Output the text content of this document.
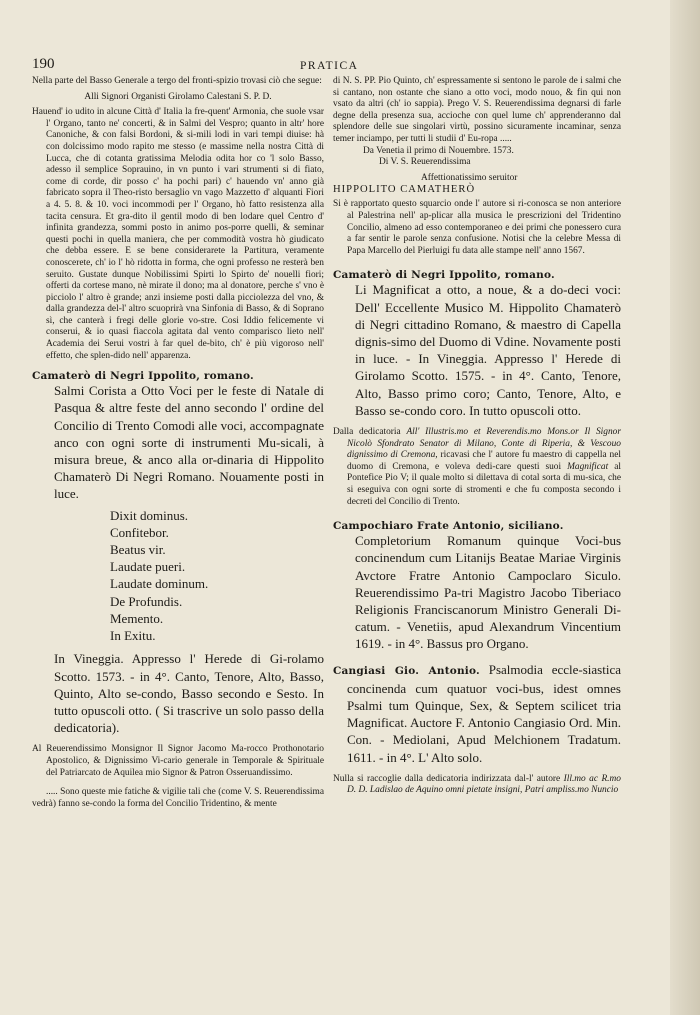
190	PRATICA

Nella parte del Basso Generale a tergo del fronti-spizio trovasi ciò che segue:

Alli Signori Organisti Girolamo Calestani S. P. D.

Hauend' io udito in alcune Città d' Italia la fre-quent' Armonia, che suole vsar l' Organo, tanto ne' concerti, & in Salmi del Vespro; quanto in altr' hore Canoniche, & con falsi Bordoni, & si-mili lodi in vari tempi diuise: hà con dolcissimo modo rapito me stesso (e massime nella nostra Città di Lucca, che di cotanta gratissima Melodia odita hor co 'l solo Basso, adesso il semplice Soprauino, in vn punto i vari strumenti si di fiato, come di corde, dir posso c' ha pochi pari) c' hauendo vn' anno già fabricato sopra il Theo-risto bersaglio vn vago Mazzetto d' alquanti Fiori a 4. 5. 8. & 10. voci incommodi per l' Organo, hò fatto resistenza alla tacita censura. Et gra-dito il gentil modo di ben lodare quel Centro d' infinita grandezza, sommi posto in animo pos-porre quelli, & seminar questi pochi in quella maniera, che per commodità vostra hò giudicato che debba essere. E se bene considerarete la Partitura, veramente conoscerete, ch' io l' hò ridotta in forma, che ogni professo ne resterà ben seruito. Gustate dunque Nobilissimi Spirti lo Spirto de' nouelli fiori; offerti da cortese mano, nè mirate il dono; ma al donatore, perche s' vno è picciolo l' altro è grande; anzi insieme posti dalla picciolezza del vno, & dalla grandezza del-l' altro scuoprirà vna Sinfonia di Basso, & di Soprano sì, che canterà i fregi delle glorie vo-stre. Cosi Iddio felicemente vi conserui, & io quasi fiaccola agitata dal vento comparisco lieto nell' Academia dei Serui vostri à far quel de-bito, ch' è più vigoroso nell' effetto, che splen-dido nell' apparenza.

Camaterò di Negri Ippolito, romano.

Salmi Corista a Otto Voci per le feste di Natale di Pasqua & altre feste del anno secondo l' ordine del Concilio di Trento Comodi alle voci, accompagnate anco con ogni sorte di instrumenti Mu-sicali, à misura breue, & anco alla or-dinaria di Hippolito Chamaterò Di Negri Romano. Nouamente posti in luce.

Dixit dominus.
Confitebor.
Beatus vir.
Laudate pueri.
Laudate dominum.
De Profundis.
Memento.
In Exitu.

In Vineggia. Appresso l' Herede di Gi-rolamo Scotto. 1573. - in 4°. Canto, Tenore, Alto, Basso, Quinto, Alto se-condo, Basso secondo e Sesto. In tutto opuscoli otto. ( Si trascrive un solo passo della dedicatoria).

Al Reuerendissimo Monsignor Il Signor Jacomo Ma-rocco Prothonotario Apostolico, & Dignissimo Vi-cario generale in Temporale & Spirituale del Patriarcato de Aquilea mio Signor & Patron Osseruandissimo.

..... Sono queste mie fatiche & vigilie tali che (come V. S. Reuerendissima vedrà) fanno se-condo la forma del Concilio Tridentino, & mente

di N. S. PP. Pio Quinto, ch' espressamente si sentono le parole de i salmi che si cantano, non ostante che siano a otto voci, modo nouo, & fin qui non vsato da altri (ch' io sappia). Prego V. S. Reuerendissima degnarsi di farle degne della presenza sua, accioche con quel lume ch' apprenderanno dal splendore delle sue singolari virtù, possino sicuramente incaminar, senza temer inciampo, per tutti li studii d' Eu-ropa .....

Da Venetia il primo di Nouembre. 1573.

Di V. S. Reuerendissima

Affettionatissimo seruitor

HIPPOLITO CAMATHERÒ

Si è rapportato questo squarcio onde l' autore si ri-conosca se non anteriore al Palestrina nell' ap-plicar alla musica le prescrizioni del Tridentino Concilio, almeno ad esso contemporaneo e dei primi che ponessero cura a far sentir le parole senza confusione. Notisi che la celebre Messa di Papa Marcello del Pierluigi fu data alle stampe nell' anno 1567.

Camaterò di Negri Ippolito, romano.

Li Magnificat a otto, a noue, & a do-deci voci: Dell' Eccellente Musico M. Hippolito Chamaterò di Negri cittadino Romano, & maestro di Capella dignis-simo del Duomo di Vdine. Novamente posti in luce. - In Vineggia. Appresso l' Herede di Girolamo Scotto. 1575. - in 4°. Canto, Tenore, Alto, Basso primo coro; Canto, Tenore, Alto, e Basso se-condo coro. In tutto opuscoli otto.

Dalla dedicatoria All' Illustris.mo et Reverendis.mo Mons.or Il Signor Nicolò Sfondrato Senator di Milano, Conte di Riperia, & Vescouo dignissimo di Cremona, ricavasi che l' autore fu maestro di cappella nel duomo di Cremona, e voleva dedi-care questi suoi Magnificat al Pontefice Pio V; il quale molto si dilettava di cotal sorta di mu-sica, che si eseguiva con ogni sorte di stromenti e che fu composta secondo i decreti del Concilio di Trento.

Campochiaro Frate Antonio, siciliano.

Completorium Romanum quinque Voci-bus concinendum cum Litanijs Beatae Mariae Virginis Avctore Fratre Antonio Campoclaro Siculo. Reuerendissimo Pa-tri Magistro Jacobo Tiberiaco Religionis Franciscanorum Ministro Generali Di-catum. - Venetiis, apud Alexandrum Vincentium 1619. - in 4°. Bassus pro Organo.

Cangiasi Gio. Antonio. Psalmodia eccle-siastica concinenda cum quatuor voci-bus, idest omnes Psalmi tum Quinque, Sex, & Septem scilicet tria Magnificat. Auctore F. Antonio Cangiasio Ord. Min. Con. - Mediolani, Apud Melchionem Tradatum. 1611. - in 4°. L' Alto solo.

Nulla si raccoglie dalla dedicatoria indirizzata dal-l' autore Ill.mo ac R.mo D. D. Ladislao de Aquino omni pietate insigni, Patri ampliss.mo Nuncio
